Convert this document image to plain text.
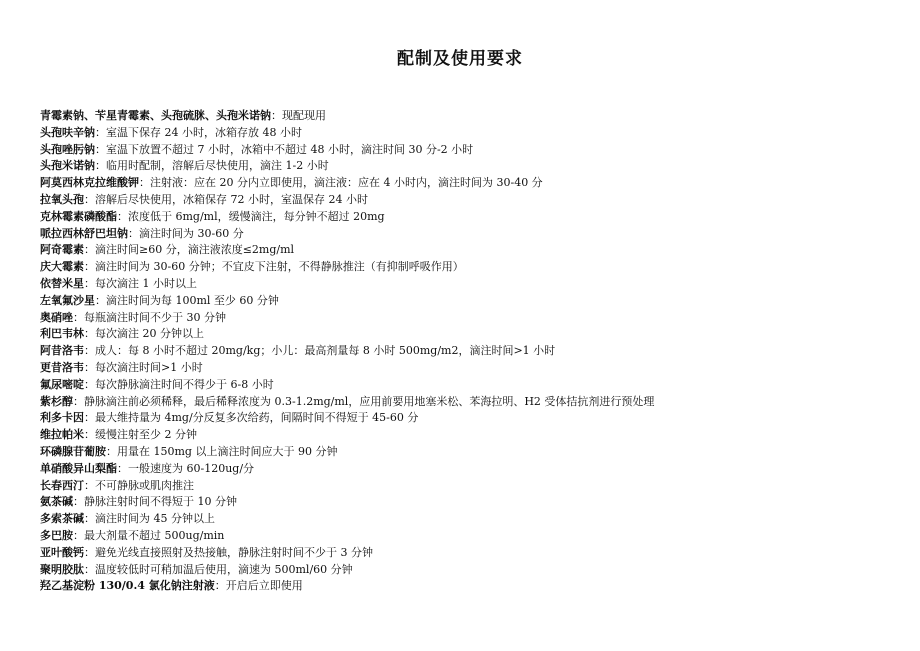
配制及使用要求
青霉素钠、苄星青霉素、头孢硫脒、头孢米诺钠：现配现用
头孢呋辛钠：室温下保存 24 小时，冰箱存放 48 小时
头孢唑肟钠：室温下放置不超过 7 小时，冰箱中不超过 48 小时，滴注时间 30 分-2 小时
头孢米诺钠：临用时配制，溶解后尽快使用，滴注 1-2 小时
阿莫西林克拉维酸钾：注射液：应在 20 分内立即使用，滴注液：应在 4 小时内，滴注时间为 30-40 分
拉氧头孢：溶解后尽快使用，冰箱保存 72 小时，室温保存 24 小时
克林霉素磷酸酯：浓度低于 6mg/ml，缓慢滴注，每分钟不超过 20mg
哌拉西林舒巴坦钠：滴注时间为 30-60 分
阿奇霉素：滴注时间≥60 分，滴注液浓度≤2mg/ml
庆大霉素：滴注时间为 30-60 分钟；不宜皮下注射，不得静脉推注（有抑制呼吸作用）
依替米星：每次滴注 1 小时以上
左氧氟沙星：滴注时间为每 100ml 至少 60 分钟
奥硝唑：每瓶滴注时间不少于 30 分钟
利巴韦林：每次滴注 20 分钟以上
阿昔洛韦：成人：每 8 小时不超过 20mg/kg；小儿：最高剂量每 8 小时 500mg/m2，滴注时间>1 小时
更昔洛韦：每次滴注时间>1 小时
氟尿嘧啶：每次静脉滴注时间不得少于 6-8 小时
紫杉醇：静脉滴注前必须稀释，最后稀释浓度为 0.3-1.2mg/ml，应用前要用地塞米松、苯海拉明、H2 受体拮抗剂进行预处理
利多卡因：最大维持量为 4mg/分反复多次给药，间隔时间不得短于 45-60 分
维拉帕米：缓慢注射至少 2 分钟
环磷腺苷葡胺：用量在 150mg 以上滴注时间应大于 90 分钟
单硝酸异山梨酯：一般速度为 60-120ug/分
长春西汀：不可静脉或肌肉推注
氨茶碱：静脉注射时间不得短于 10 分钟
多索茶碱：滴注时间为 45 分钟以上
多巴胺：最大剂量不超过 500ug/min
亚叶酸钙：避免光线直接照射及热接触，静脉注射时间不少于 3 分钟
聚明胶肽：温度较低时可稍加温后使用，滴速为 500ml/60 分钟
羟乙基淀粉 130/0.4 氯化钠注射液：开启后立即使用
